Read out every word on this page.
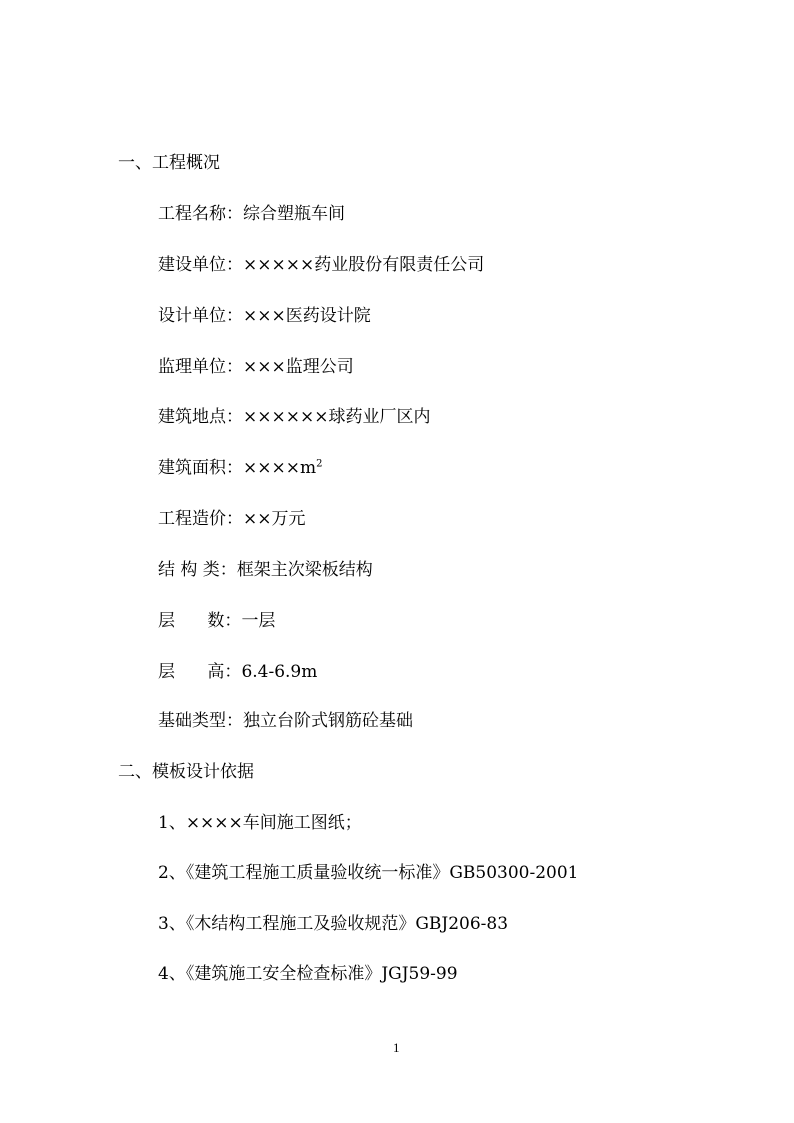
一、工程概况
工程名称：综合塑瓶车间
建设单位：×××××药业股份有限责任公司
设计单位：×××医药设计院
监理单位：×××监理公司
建筑地点：××××××球药业厂区内
建筑面积：$\times\times\times\times m^2$
工程造价：××万元
结 构 类：框架主次梁板结构
层      数：一层
层      高：6.4-6.9m
基础类型：独立台阶式钢筋砼基础
二、模板设计依据
1、××××车间施工图纸；
2、《建筑工程施工质量验收统一标准》GB50300-2001
3、《木结构工程施工及验收规范》GBJ206-83
4、《建筑施工安全检查标准》JGJ59-99
1
